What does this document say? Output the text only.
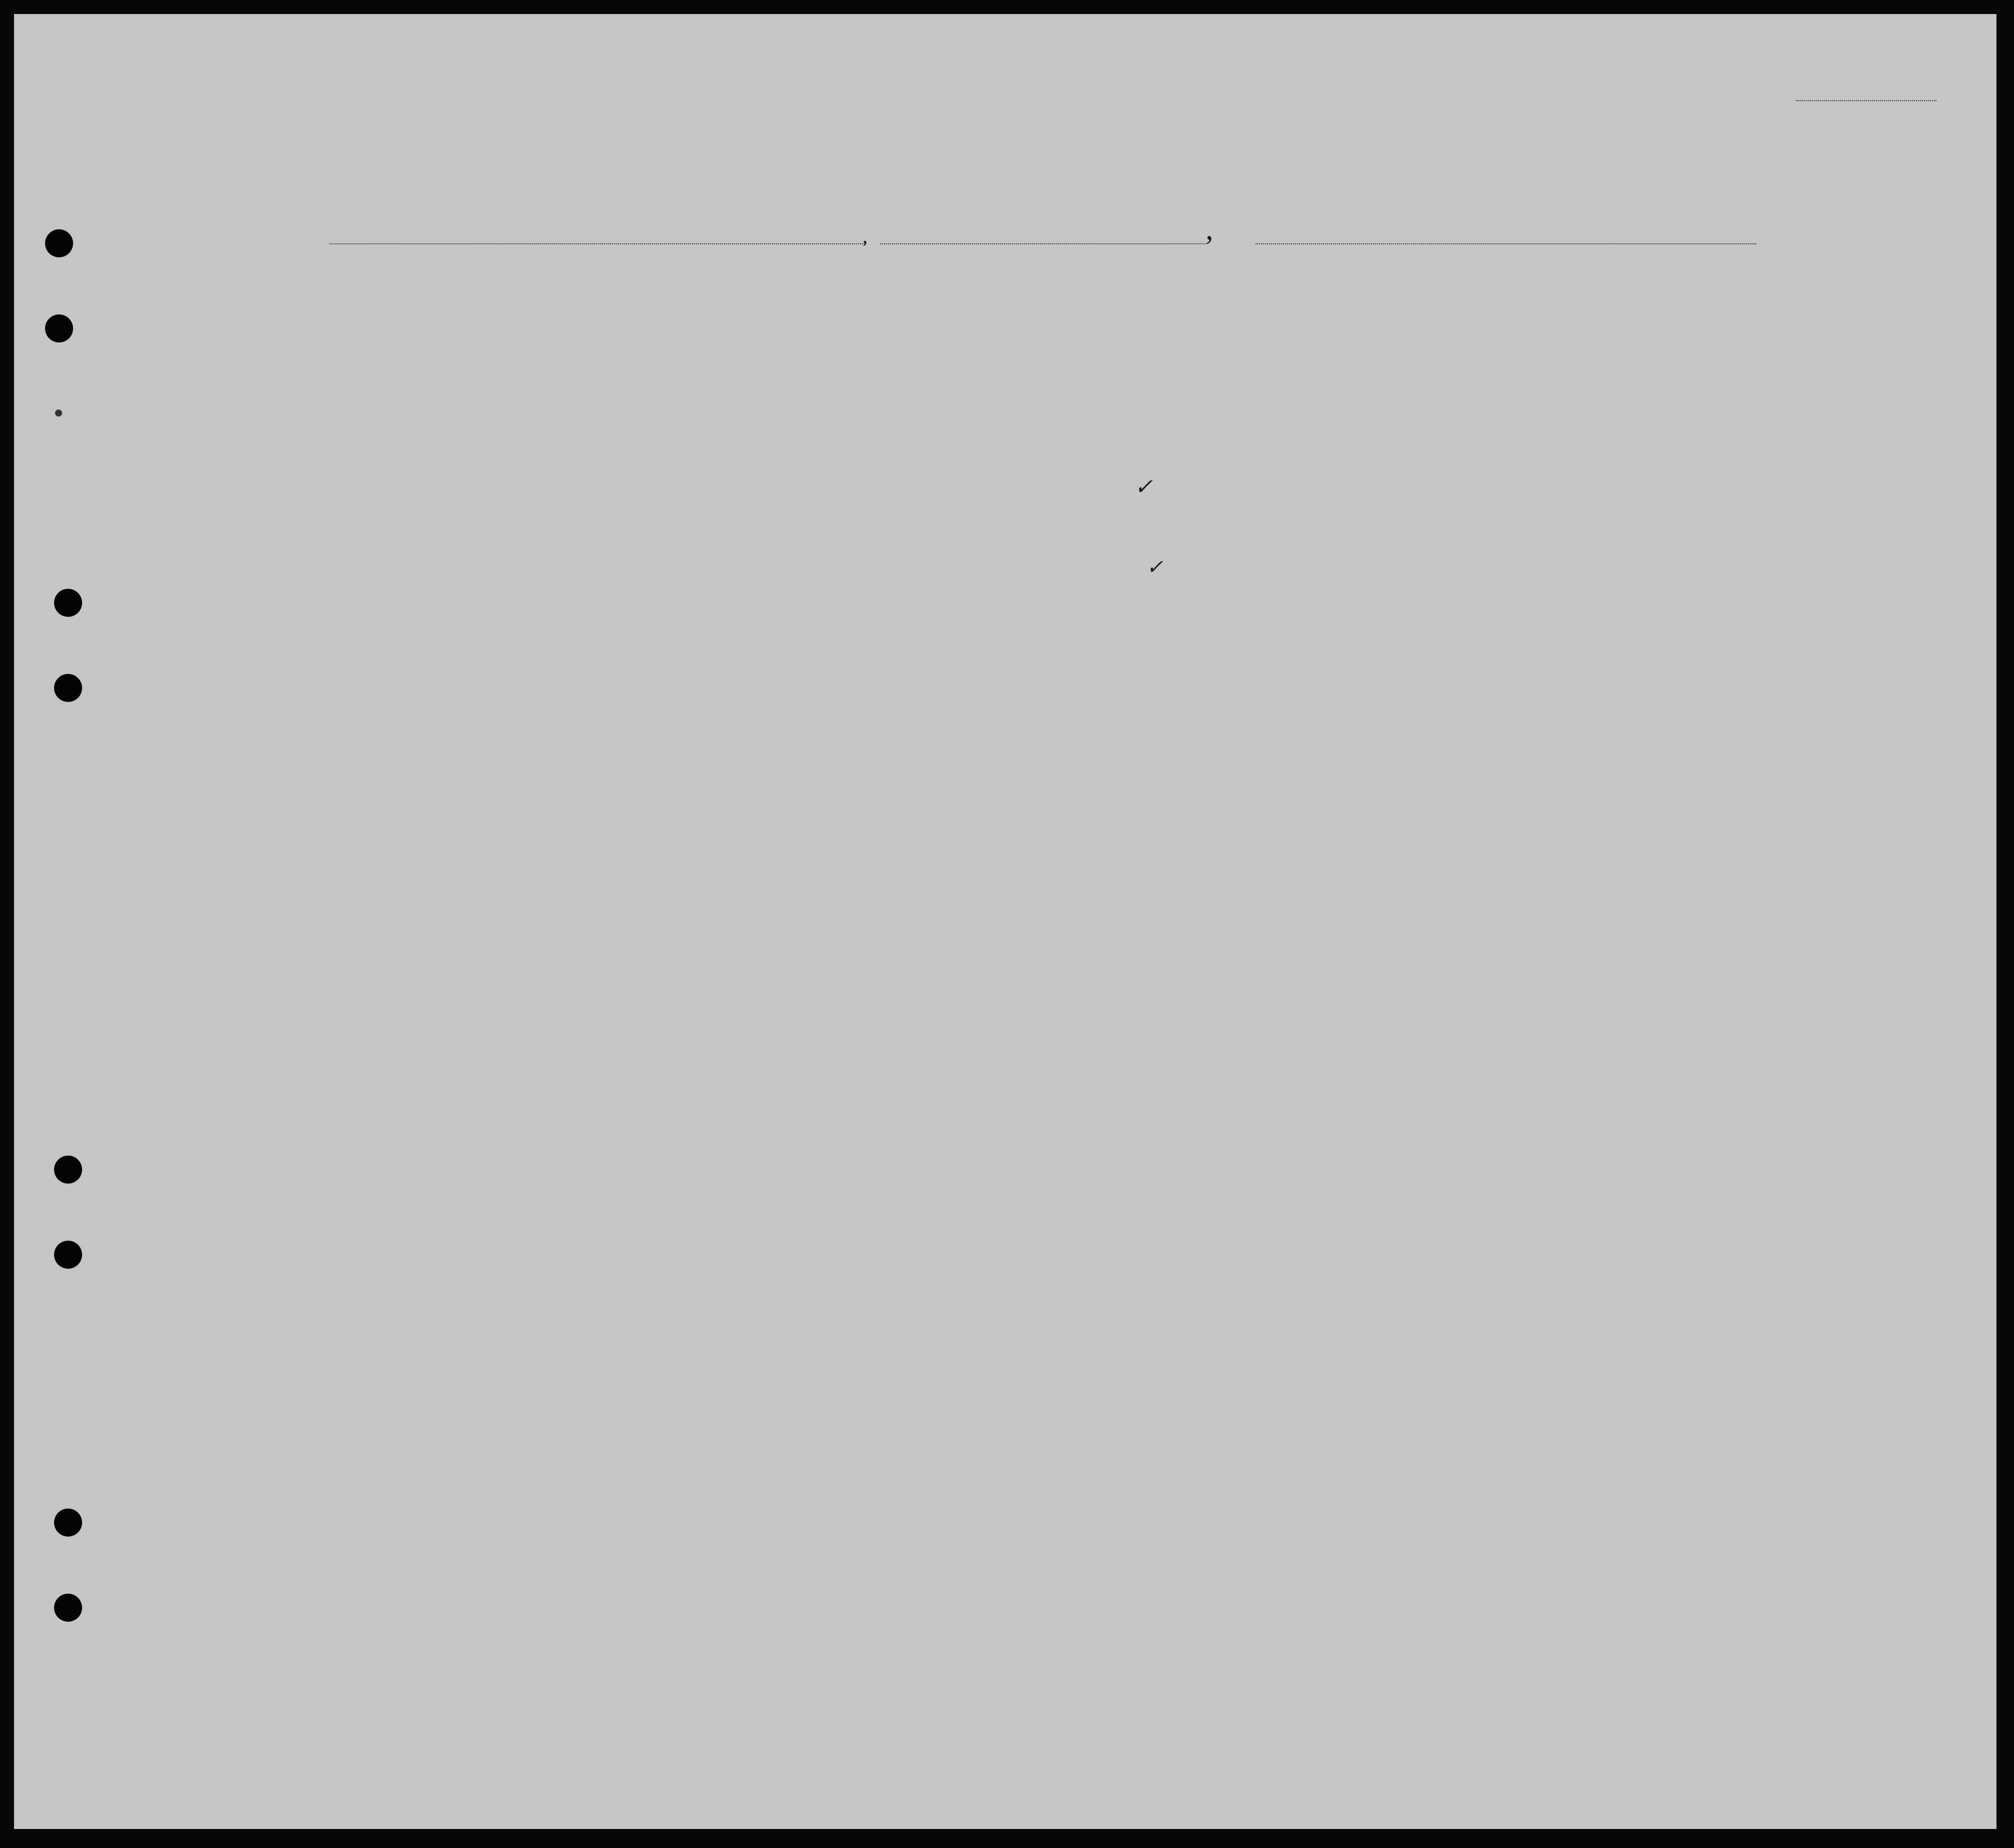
,	,
✓
✓
